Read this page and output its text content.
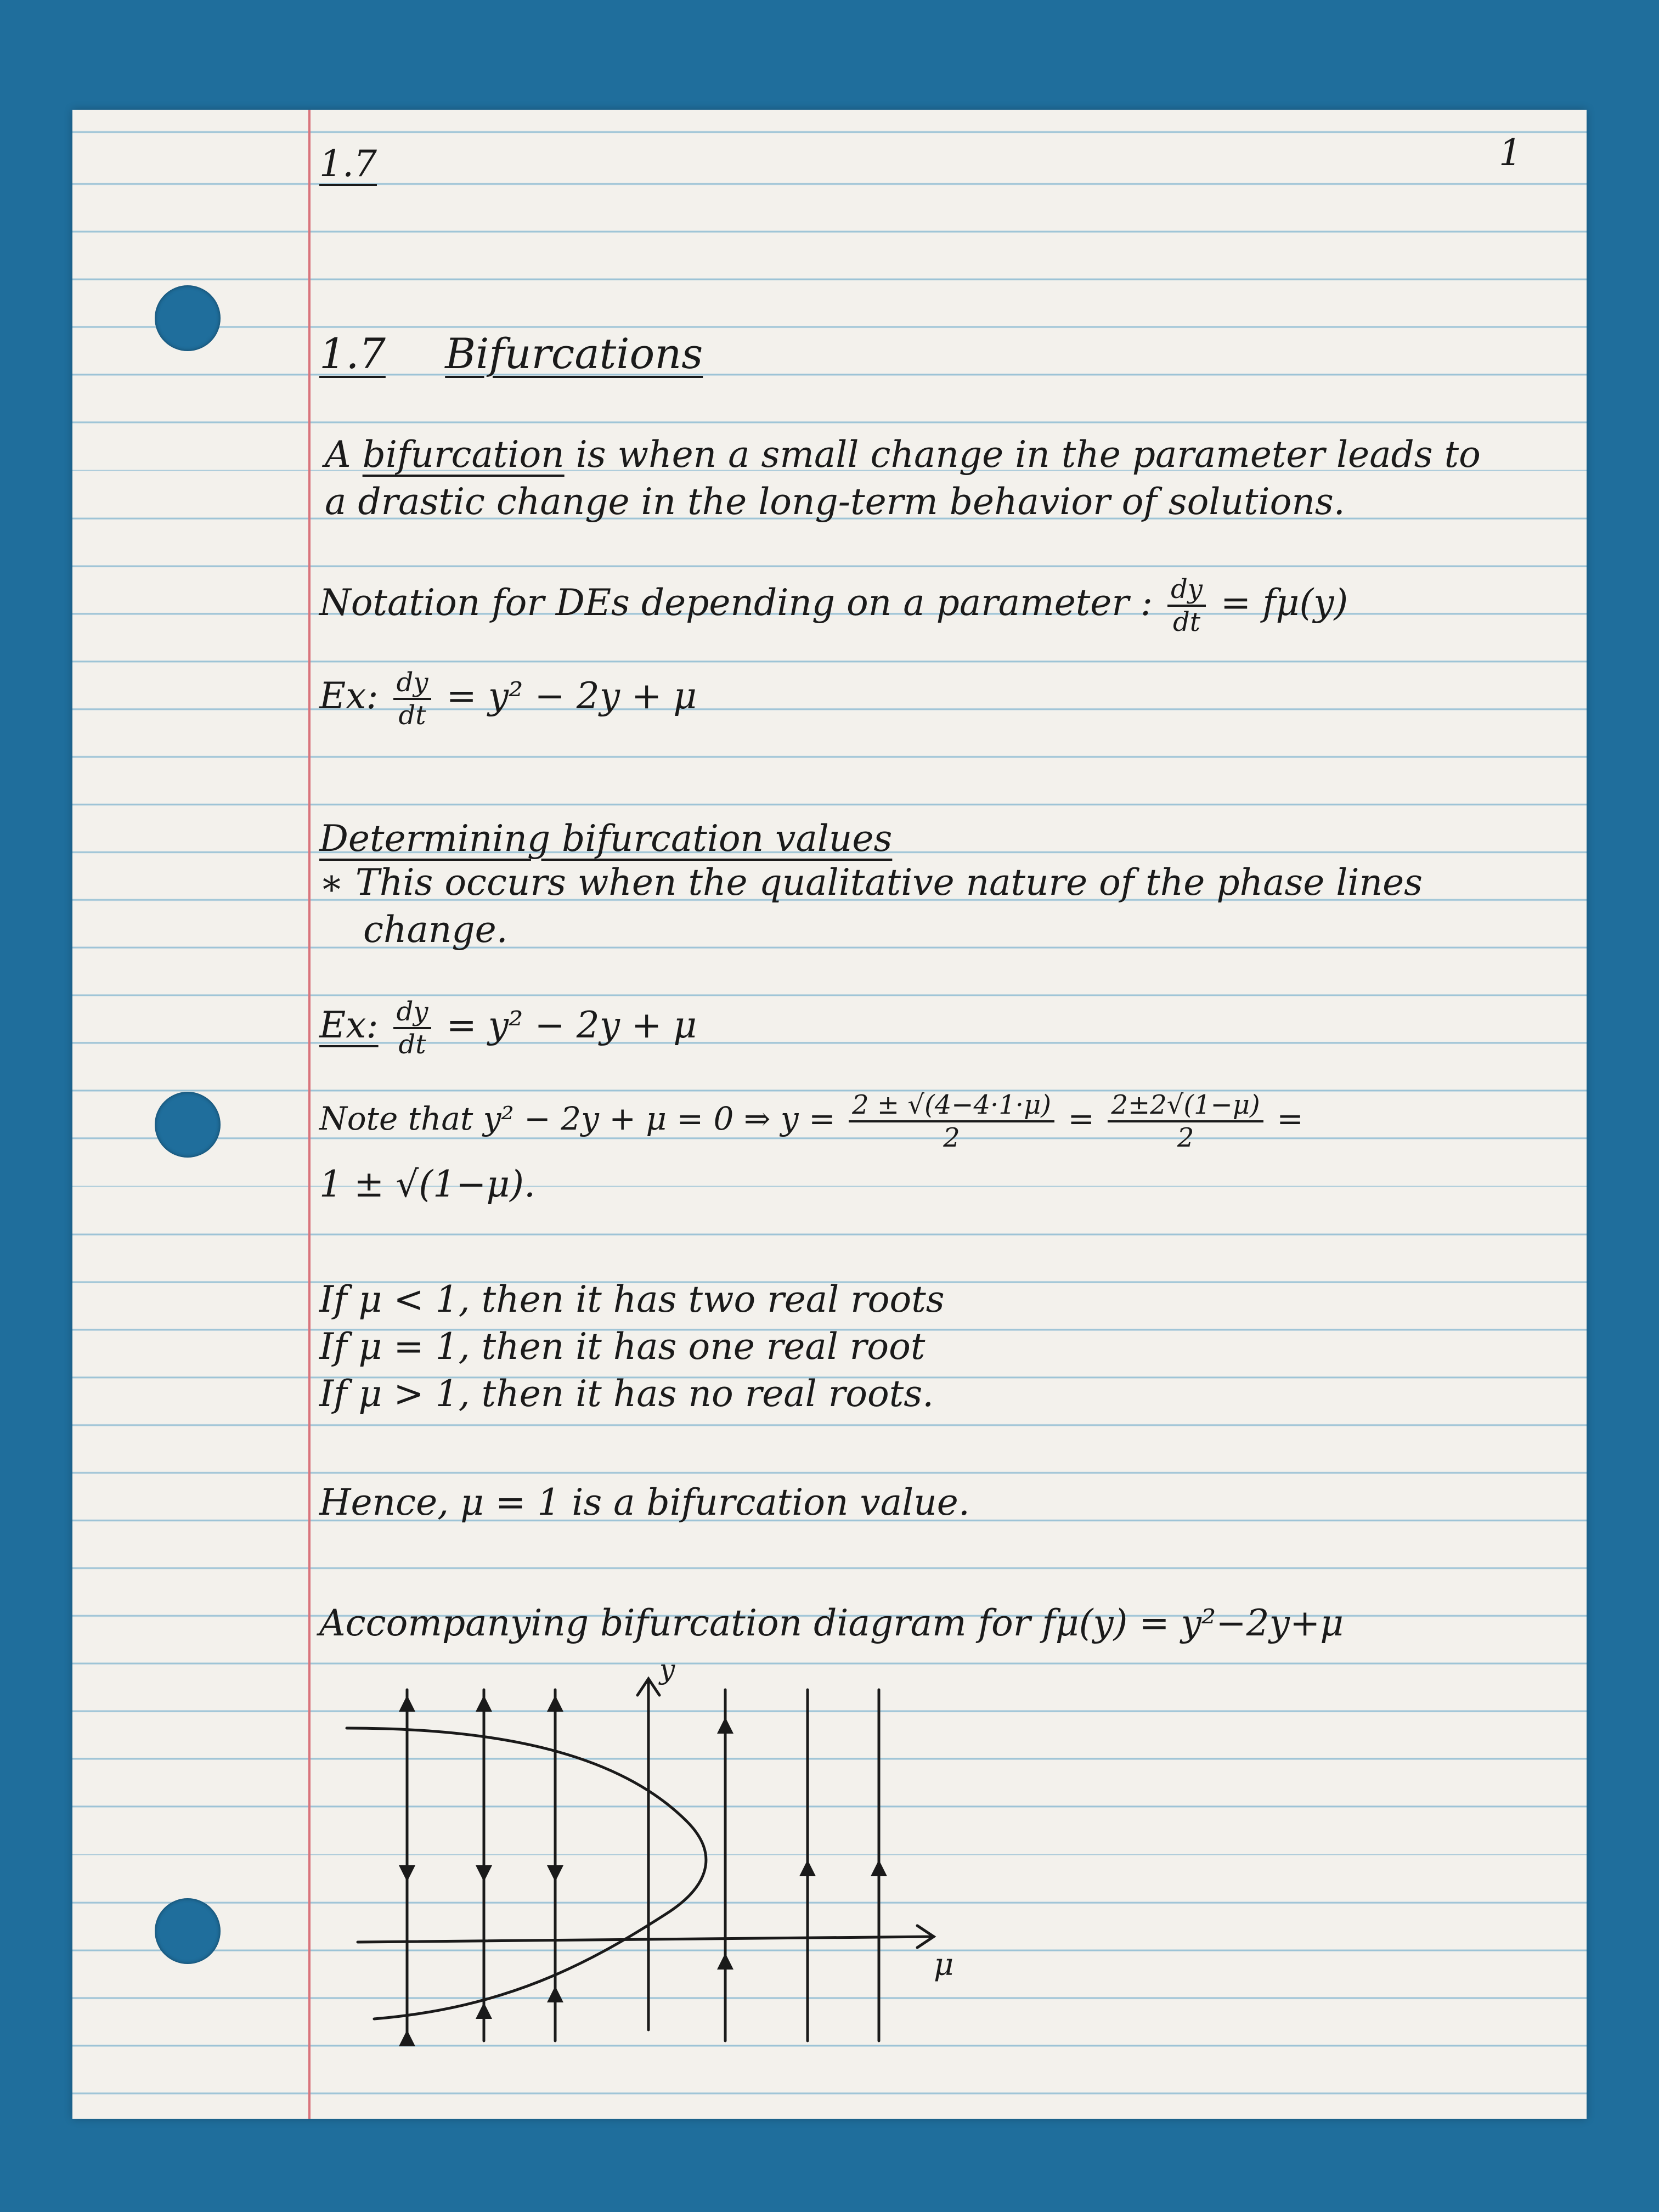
1
1.7
1.7 Bifurcations
A bifurcation is when a small change in the parameter leads to
a drastic change in the long-term behavior of solutions.
Notation for DEs depending on a parameter : $\frac{dy}{dt} = f\mu(y)$
Ex: $\frac{dy}{dt} = y^2 - 2y + \mu$
Determining bifurcation values
∗ This occurs when the qualitative nature of the phase lines
change.
Ex: $\frac{dy}{dt} = y^2 - 2y + \mu$
Note that y² − 2y + μ = 0 ⇒ $y = \frac{2 \pm √(4-4\cdot 1\cdot\mu)}{2} = \frac{2\pm 2√(1-\mu)}{2}$ =
1 ± √(1−μ).
If μ < 1, then it has two real roots
If μ = 1, then it has one real root
If μ > 1, then it has no real roots.
Hence, μ = 1 is a bifurcation value.
Accompanying bifurcation diagram for fμ(y) = y²−2y+μ
y
μ
